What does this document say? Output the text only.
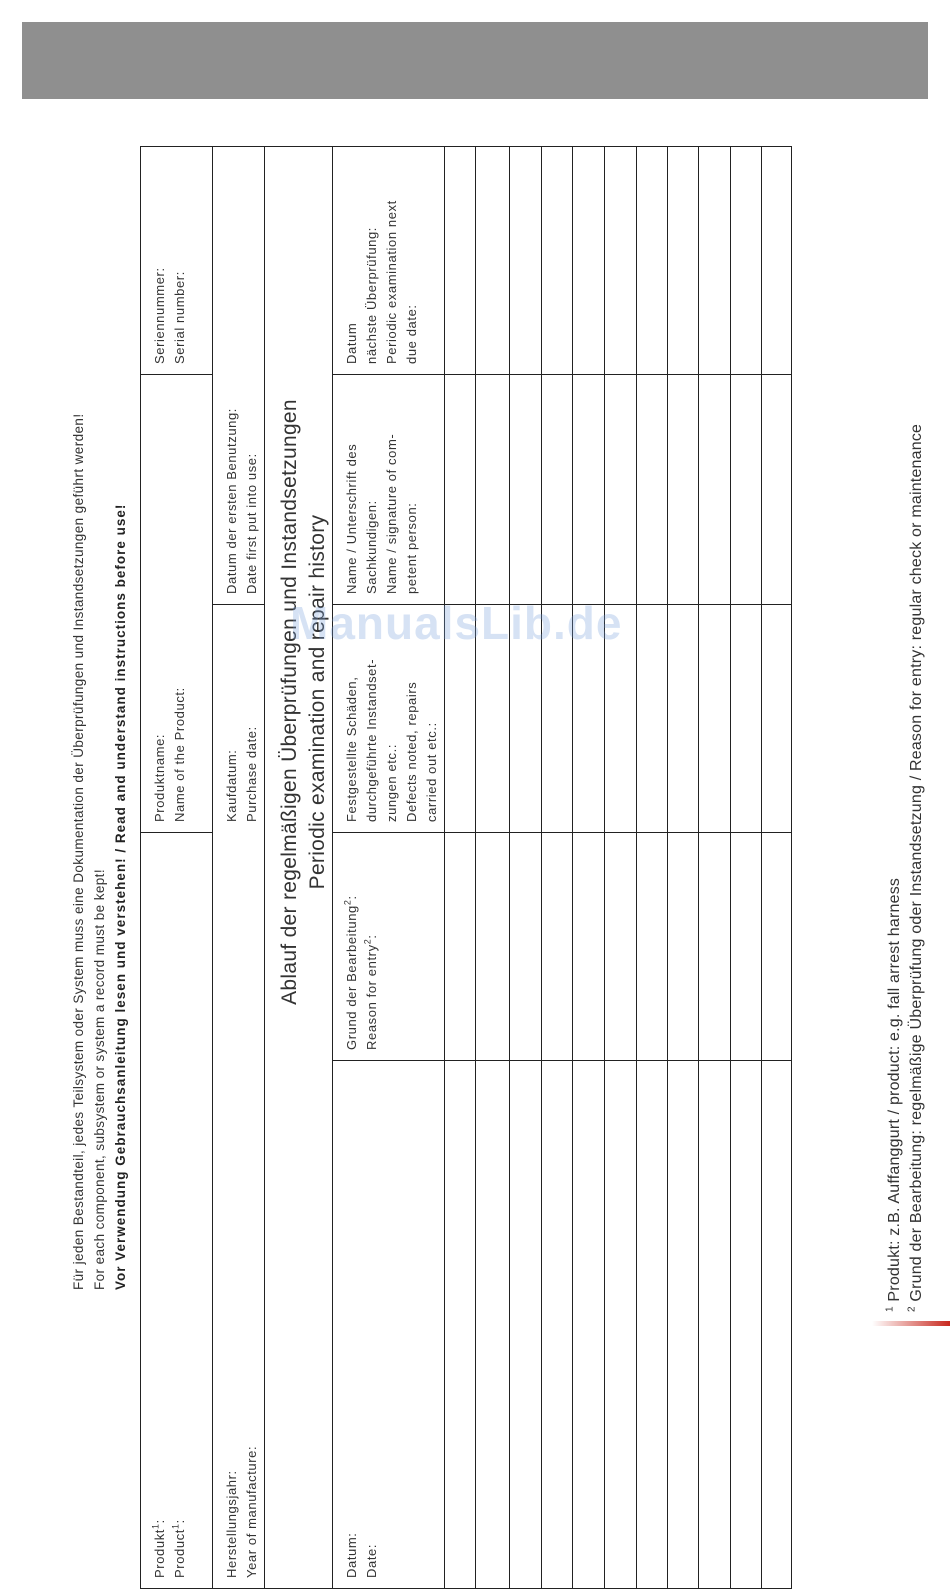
Für jeden Bestandteil, jedes Teilsystem oder System muss eine Dokumentation der Überprüfungen und Instandsetzungen geführt werden! For each component, subsystem or system a record must be kept! Vor Verwendung Gebrauchsanleitung lesen und verstehen! / Read and understand instructions before use!
Produkt$^1$:
Product$^1$:
Produktname: Name of the Product:
Seriennummer: Serial number:
Herstellungsjahr: Year of manufacture:
Kaufdatum: Purchase date:
Datum der ersten Benutzung: Date first put into use: Ablauf der regelmäßigen Überprüfungen und Instandsetzungen Periodic examination and repair history
Datum: Date:
Grund der Bearbeitung$^2$:
Reason for entry$^2$:
Festgestellte Schäden, durchgeführte Instandset- zungen etc.: Defects noted, repairs carried out etc.:
Name / Unterschrift des Sachkundigen: Name / signature of com- petent person:
Datum nächste Überprüfung: Periodic examination next due date:
ManualsLib.de
$^1$ Produkt: z.B. Auffanggurt / product: e.g. fall arrest harness
$^2$ Grund der Bearbeitung: regelmäßige Überprüfung oder Instandsetzung / Reason for entry: regular check or maintenance
